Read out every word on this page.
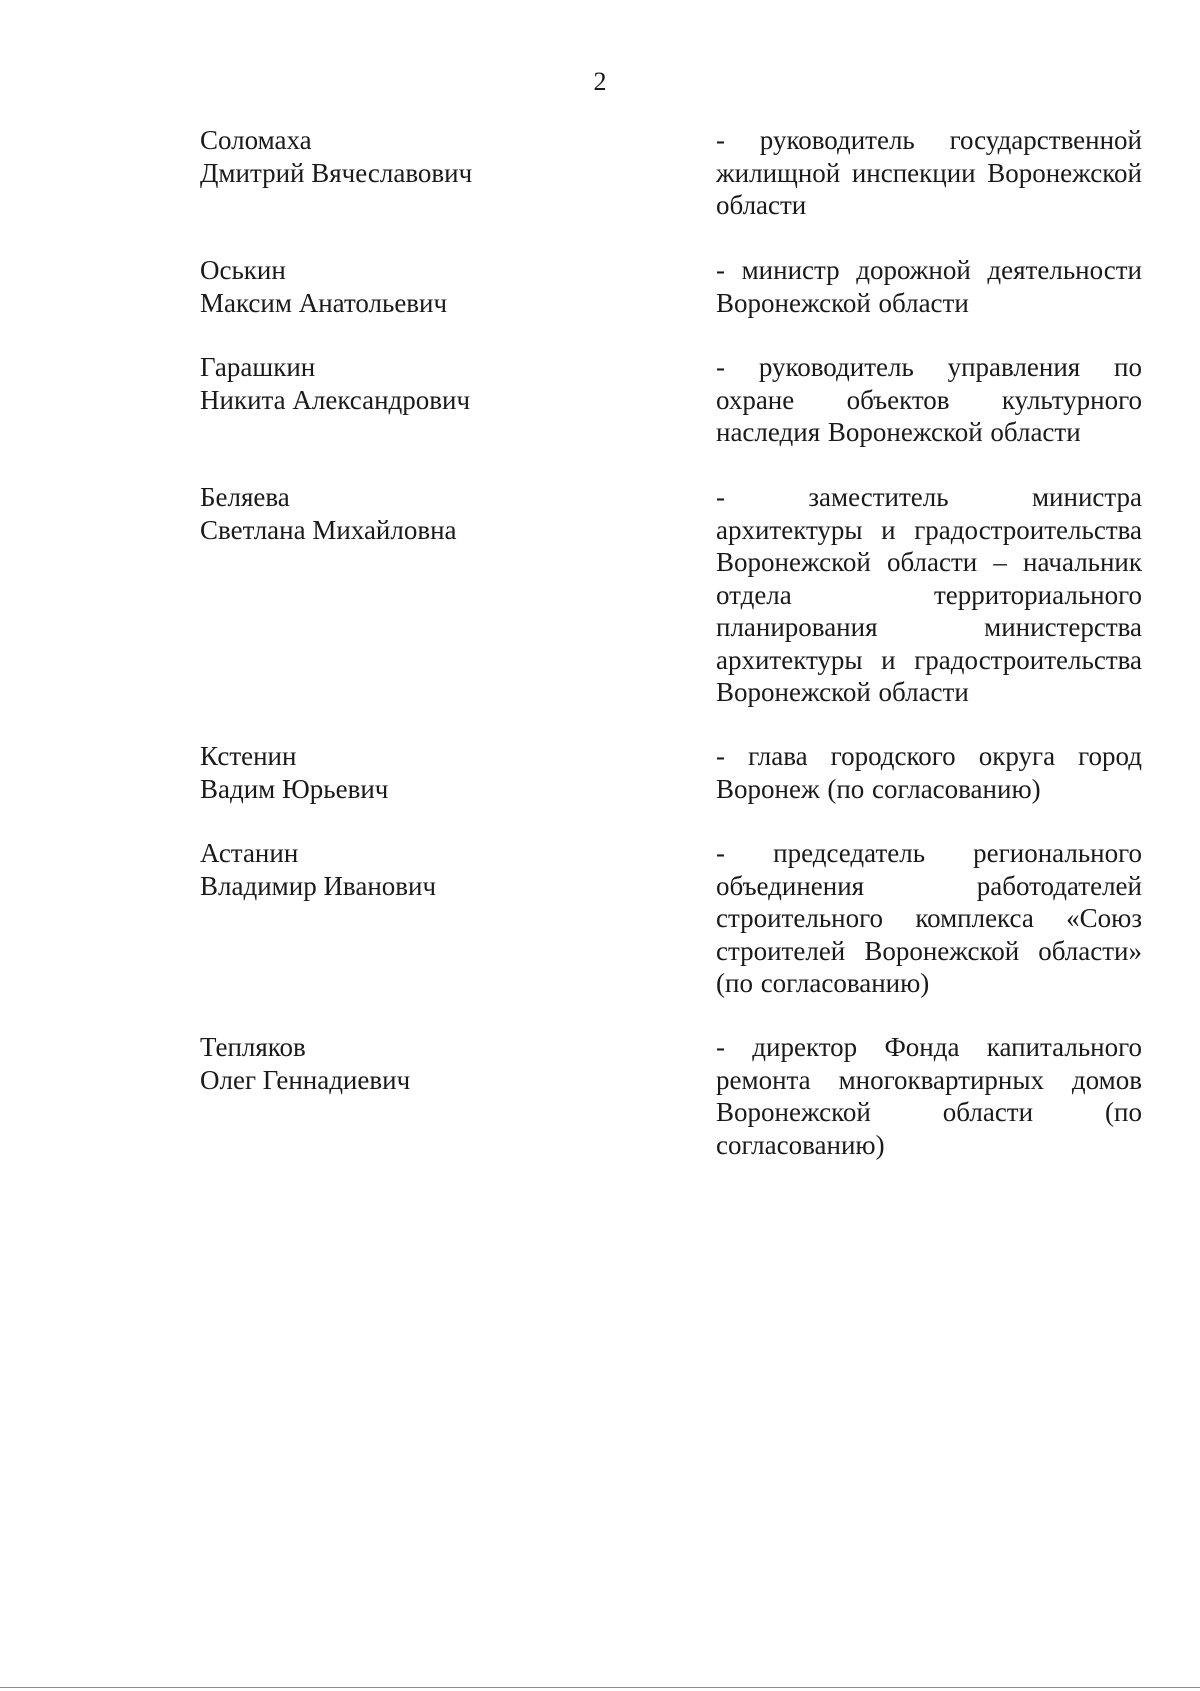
2
Соломаха
Дмитрий Вячеславович
- руководитель государственной жилищной инспекции Воронежской области
Оськин
Максим Анатольевич
- министр дорожной деятельности Воронежской области
Гарашкин
Никита Александрович
- руководитель управления по охране объектов культурного наследия Воронежской области
Беляева
Светлана Михайловна
- заместитель министра архитектуры и градостроительства Воронежской области – начальник отдела территориального планирования министерства архитектуры и градостроительства Воронежской области
Кстенин
Вадим Юрьевич
- глава городского округа город Воронеж (по согласованию)
Астанин
Владимир Иванович
- председатель регионального объединения работодателей строительного комплекса «Союз строителей Воронежской области» (по согласованию)
Тепляков
Олег Геннадиевич
- директор Фонда капитального ремонта многоквартирных домов Воронежской области (по согласованию)
